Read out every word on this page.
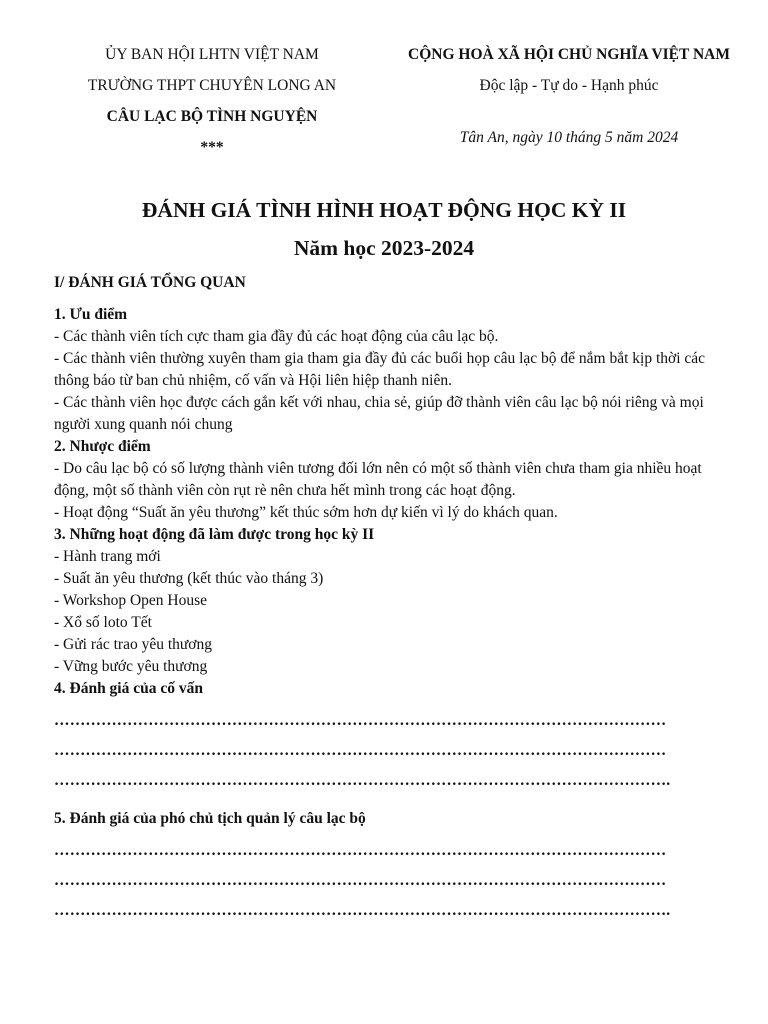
ỦY BAN HỘI LHTN VIỆT NAM
TRƯỜNG THPT CHUYÊN LONG AN
CÂU LẠC BỘ TÌNH NGUYỆN
***
CỘNG HOÀ XÃ HỘI CHỦ NGHĨA VIỆT NAM
Độc lập - Tự do - Hạnh phúc
Tân An, ngày 10 tháng 5 năm 2024
ĐÁNH GIÁ TÌNH HÌNH HOẠT ĐỘNG HỌC KỲ II
Năm học 2023-2024
I/ ĐÁNH GIÁ TỔNG QUAN
1. Ưu điểm

- Các thành viên tích cực tham gia đầy đủ các hoạt động của câu lạc bộ.

- Các thành viên thường xuyên tham gia tham gia đầy đủ các buổi họp câu lạc bộ để nắm bắt kịp thời các thông báo từ ban chủ nhiệm, cố vấn và Hội liên hiệp thanh niên.

- Các thành viên học được cách gắn kết với nhau, chia sẻ, giúp đỡ thành viên câu lạc bộ nói riêng và mọi người xung quanh nói chung

2. Nhược điểm

- Do câu lạc bộ có số lượng thành viên tương đối lớn nên có một số thành viên chưa tham gia nhiều hoạt động, một số thành viên còn rụt rè nên chưa hết mình trong các hoạt động.

- Hoạt động “Suất ăn yêu thương” kết thúc sớm hơn dự kiến vì lý do khách quan.

3. Những hoạt động đã làm được trong học kỳ II

- Hành trang mới

- Suất ăn yêu thương (kết thúc vào tháng 3)

- Workshop Open House

- Xổ số loto Tết

- Gửi rác trao yêu thương

- Vững bước yêu thương

4. Đánh giá của cố vấn
………………………………………………………………………………………………………
………………………………………………………………………………………………………
……………………………………………………………………………………………………….
5. Đánh giá của phó chủ tịch quản lý câu lạc bộ
………………………………………………………………………………………………………
………………………………………………………………………………………………………
……………………………………………………………………………………………………….
